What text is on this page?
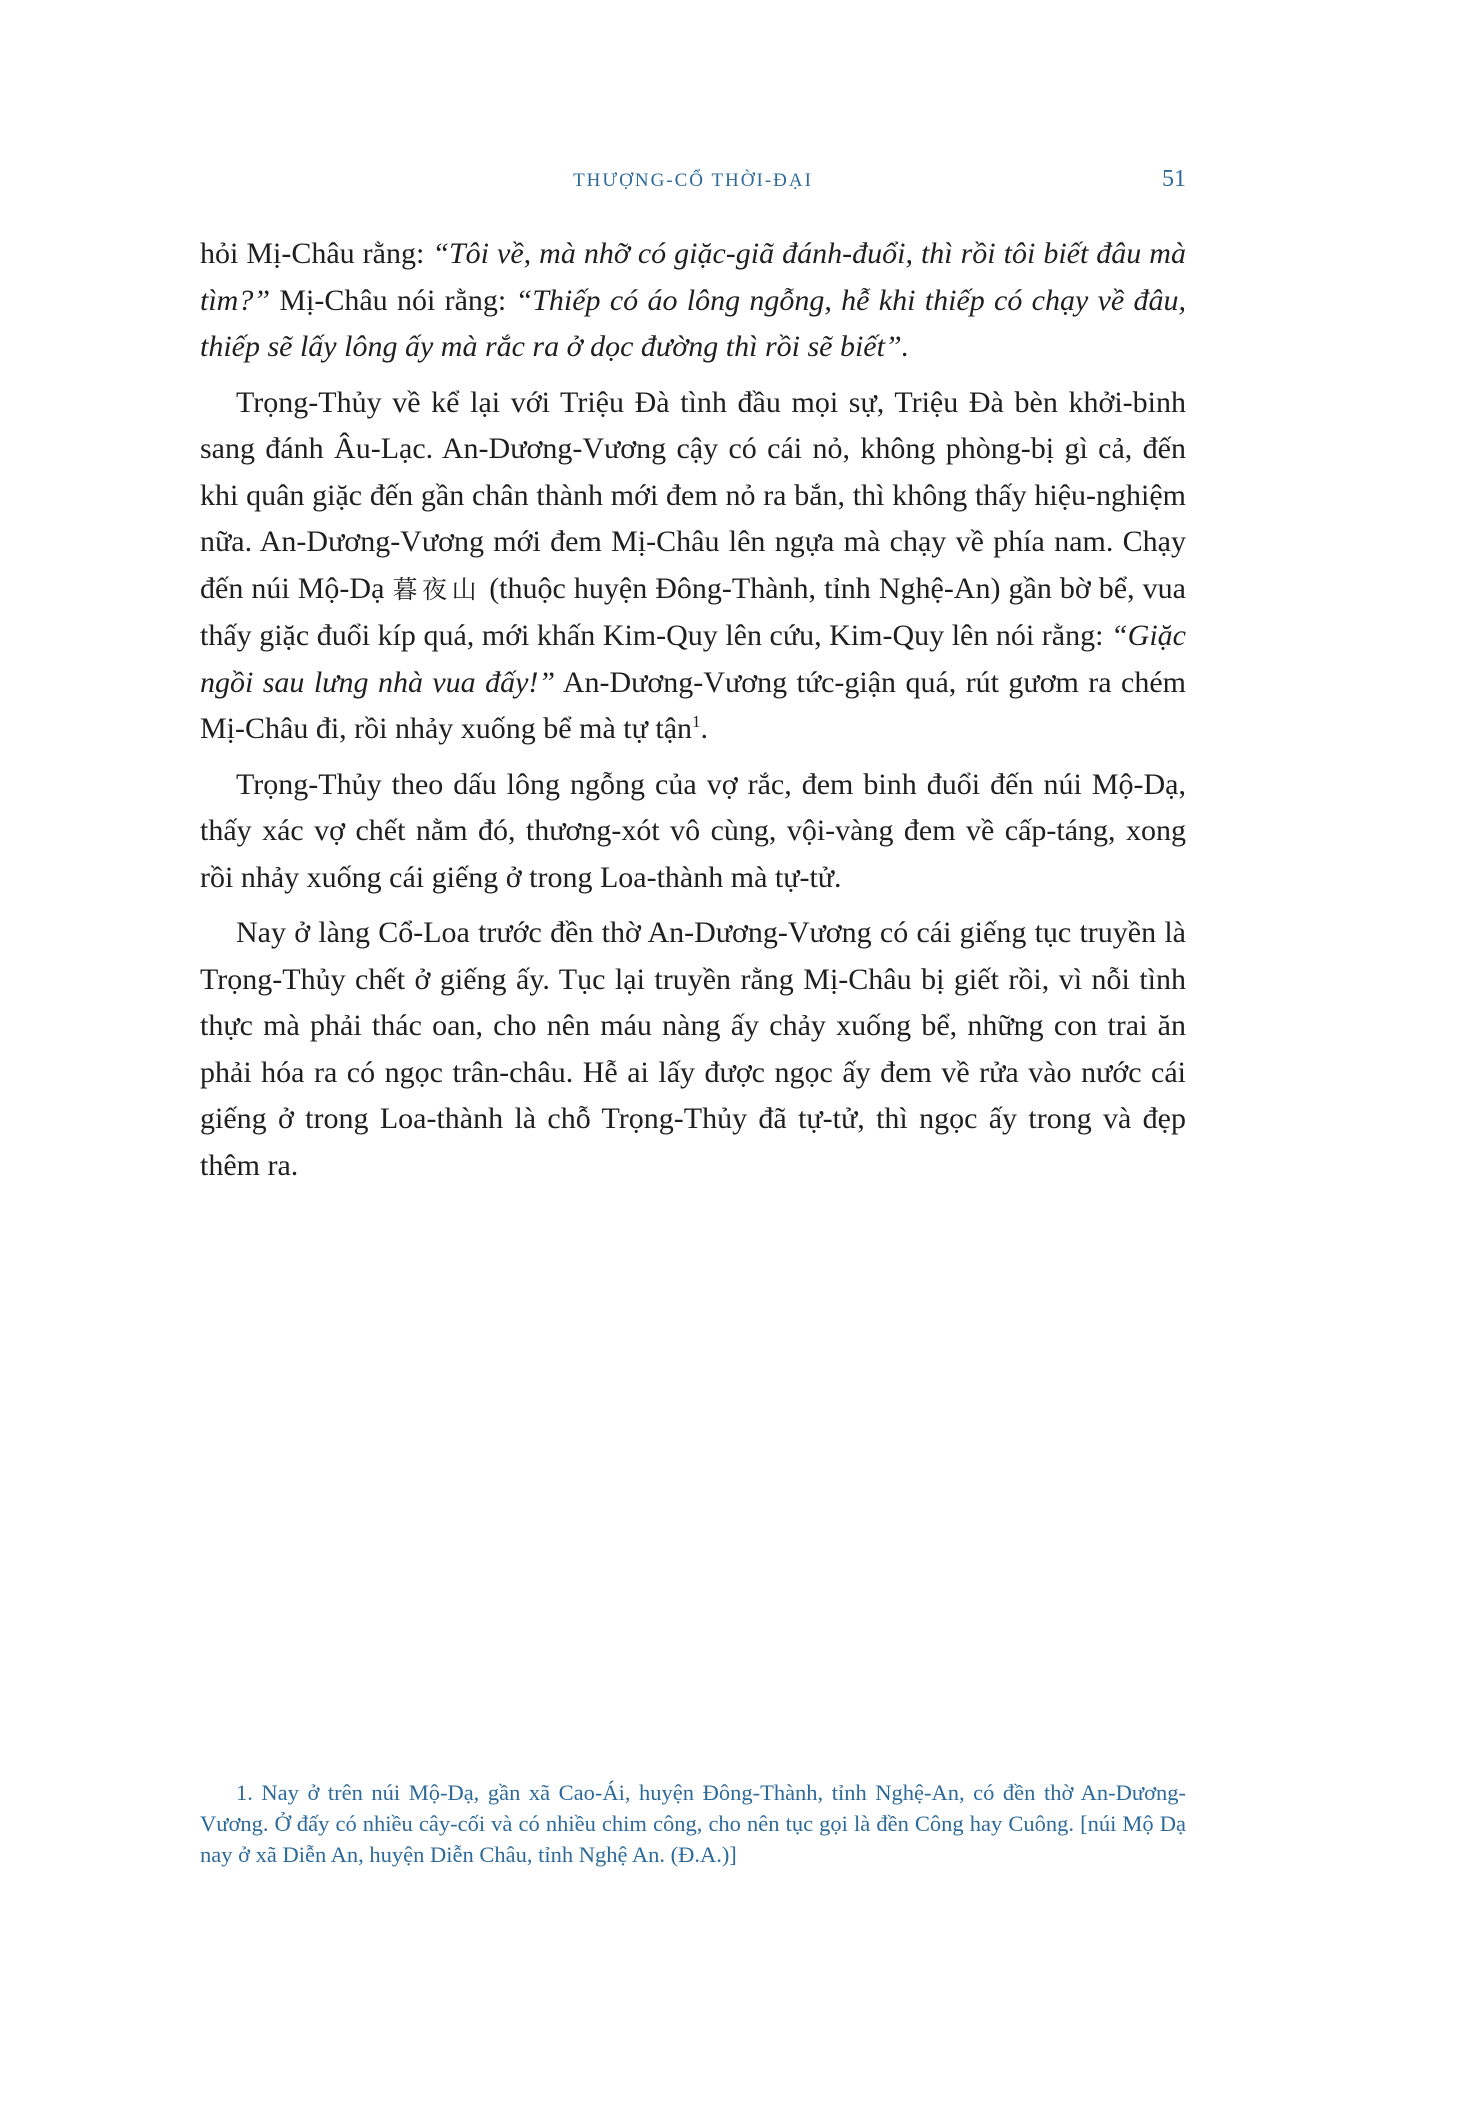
THƯỢNG-CỔ THỜI-ĐẠI	51

hỏi Mị-Châu rằng: “Tôi về, mà nhỡ có giặc-giã đánh-đuổi, thì rồi tôi biết đâu mà tìm?” Mị-Châu nói rằng: “Thiếp có áo lông ngỗng, hễ khi thiếp có chạy về đâu, thiếp sẽ lấy lông ấy mà rắc ra ở dọc đường thì rồi sẽ biết”.

Trọng-Thủy về kể lại với Triệu Đà tình đầu mọi sự, Triệu Đà bèn khởi-binh sang đánh Âu-Lạc. An-Dương-Vương cậy có cái nỏ, không phòng-bị gì cả, đến khi quân giặc đến gần chân thành mới đem nỏ ra bắn, thì không thấy hiệu-nghiệm nữa. An-Dương-Vương mới đem Mị-Châu lên ngựa mà chạy về phía nam. Chạy đến núi Mộ-Dạ 暮夜山 (thuộc huyện Đông-Thành, tỉnh Nghệ-An) gần bờ bể, vua thấy giặc đuổi kíp quá, mới khấn Kim-Quy lên cứu, Kim-Quy lên nói rằng: “Giặc ngồi sau lưng nhà vua đấy!” An-Dương-Vương tức-giận quá, rút gươm ra chém Mị-Châu đi, rồi nhảy xuống bể mà tự tận$^1$.

Trọng-Thủy theo dấu lông ngỗng của vợ rắc, đem binh đuổi đến núi Mộ-Dạ, thấy xác vợ chết nằm đó, thương-xót vô cùng, vội-vàng đem về cấp-táng, xong rồi nhảy xuống cái giếng ở trong Loa-thành mà tự-tử.

Nay ở làng Cổ-Loa trước đền thờ An-Dương-Vương có cái giếng tục truyền là Trọng-Thủy chết ở giếng ấy. Tục lại truyền rằng Mị-Châu bị giết rồi, vì nỗi tình thực mà phải thác oan, cho nên máu nàng ấy chảy xuống bể, những con trai ăn phải hóa ra có ngọc trân-châu. Hễ ai lấy được ngọc ấy đem về rửa vào nước cái giếng ở trong Loa-thành là chỗ Trọng-Thủy đã tự-tử, thì ngọc ấy trong và đẹp thêm ra.

1. Nay ở trên núi Mộ-Dạ, gần xã Cao-Ái, huyện Đông-Thành, tỉnh Nghệ-An, có đền thờ An-Dương-Vương. Ở đấy có nhiều cây-cối và có nhiều chim công, cho nên tục gọi là đền Công hay Cuông. [núi Mộ Dạ nay ở xã Diễn An, huyện Diễn Châu, tỉnh Nghệ An. (Đ.A.)]
